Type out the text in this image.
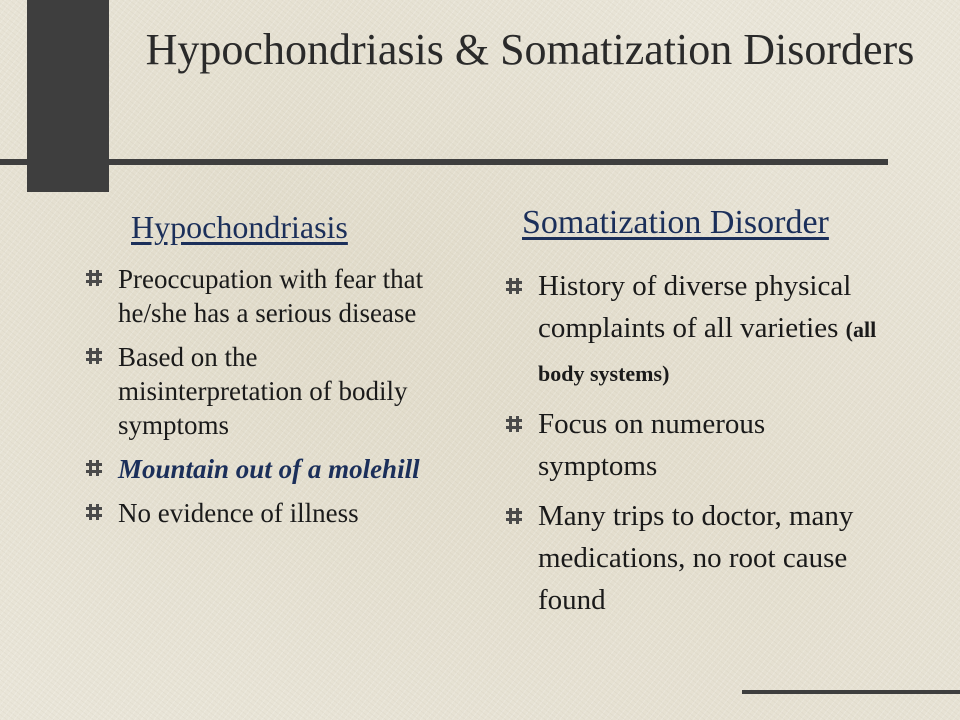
Hypochondriasis & Somatization Disorders
Hypochondriasis	Somatization Disorder
Preoccupation with fear that he/she has a serious disease
Based on the misinterpretation of bodily symptoms
Mountain out of a molehill
No evidence of illness
History of diverse physical complaints of all varieties (all body systems)
Focus on numerous symptoms
Many trips to doctor, many medications, no root cause found
